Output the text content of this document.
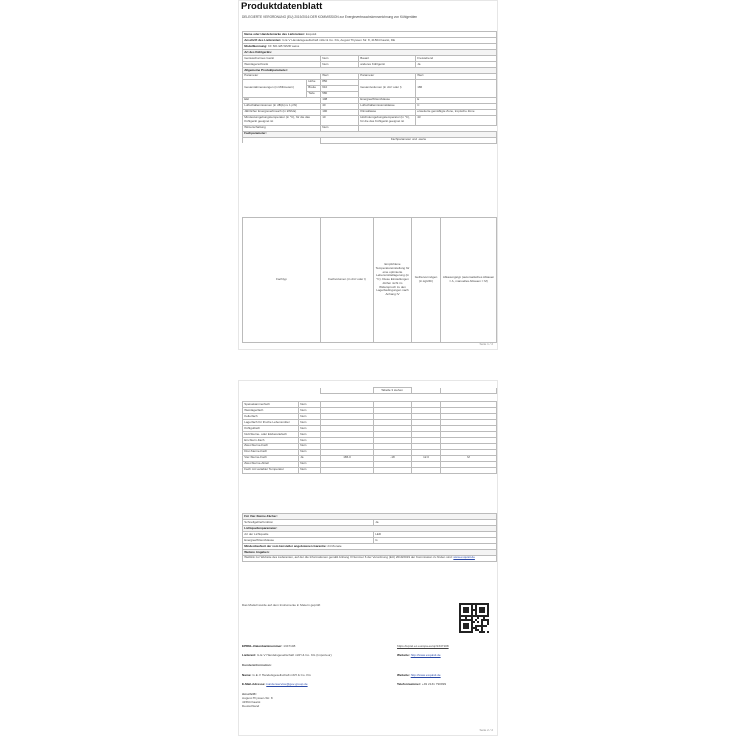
Produktdatenblatt
DELEGIERTE VERORDNUNG (EU) 2019/2016 DER KOMMISSION zur Energieverbrauchskennzeichnung von Kühlgeräten
Name oder Handelsmarke des Lieferanten: Exquisit				
Anschrift des Lieferanten: G·E·V Handelsgesellschaft mbH & Co. KG, August Thyssen Str. 8, 41564 Kaarst, DE				
Modellkennung: KF 601 EB WMR weiss				
Art des Kühlgeräts:				
Geräuscharmes Gerät		Nein	Bauart	Freistehend
Weinlagerschrank		Nein	anderes Kühlgerät	Ja
Allgemeine Produktparameter:				
Parameter		Wert	Parameter	Wert
Gesamtabmessungen (in Millimetern)	Höhe	850	Gesamtvolumen (in dm³ oder l)	186
	Breite	610		
	Tiefe	580		
EEI		108	Energieeffizienzklasse	E
Luftschallemissionen (in dB(A) re 1 pW)		40	Luftschallemissionsklasse	C
Jährlicher Energieverbrauch (in kWh/a)		190	Klimaklasse	erweiterte gemäßigte Zone, tropische Zone
Mindestumgebungstemperatur (in °C), für die das Kühlgerät geeignet ist		10	Höchstumgebungstemperatur (in °C), für die das Kühlgerät geeignet ist	43
Winterschaltung		Nein		
Fachparameter:				
		Fachparameter und -werte		
Fachtyp	Fachvolumen (in dm³ oder l)	Empfohlene Temperatureinstellung für eine optimierte Lebensmittellagerung (in °C). Diese Einstellungen dürfen nicht im Widerspruch zu den Lagerbedingungen nach Anhang IV	Gefriervermögen (in kg/24h)	Abtauungstyp (automatisches Abtauen = A, manuelles Abtauen = M)
Seite 1 / 2
			Tabelle 3 stehen		
Speisekammerfach	Nein				
Weinlagerfach	Nein				
Kellerfach	Nein				
Lagerfach für frische Lebensmittel	Nein				
Kühlgutfach	Nein				
Null-Sterne- oder Eisbereitefach	Nein				
Ein-Stern-Fach	Nein				
Zwei-Sterne-Fach	Nein				
Drei-Sterne-Fach	Nein				
Vier-Sterne-Fach	Ja	186.0	-18	12.0	M
Zwei-Sterne-Abteil	Nein				
Fach mit variabler Temperatur	Nein				
Für Vier-Sterne-Fächer:	
Schnellgefrierfunktion	Ja
Lichtquellenparameter:	
Art der Lichtquelle	LED
Energieeffizienzklasse	G
Mindestlaufzeit der vom Hersteller angebotenen Garantie: 24 Monate	
Weitere Angaben:	
Weblink zur Website des Lieferanten, auf der die Informationen gemäß Anhang II Nummer 6 der Verordnung (EU) 2019/2019 der Kommission zu finden sind: www.exquisit.de	
Das Modell wurde auf dem Instrumente in Metern geprüft
EPREL-Datenbanknummer: 1347108	https://eprel.ec.europa.eu/qr/1347108
Lieferant: G·E·V Handelsgesellschaft mbH & Co. KG (Importeur)	Website: http://www.exquisit.de
Kundeninformation:
Name: G·E·V Handelsgesellschaft mbH & Co. KG	Website: http://www.exquisit.de
E-Mail-Adresse: kundenservice@gev-group.de	Telefonnummer: +49 2131 790999
Anschrift:
August-Thyssen-Str. 8
41564 Kaarst
Deutschland
Seite 2 / 2
